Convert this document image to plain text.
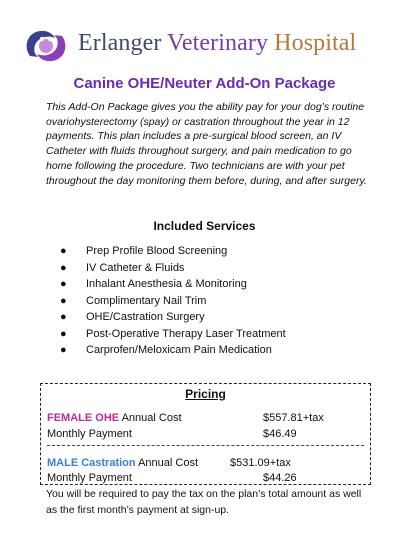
Erlanger Veterinary Hospital
Canine OHE/Neuter Add-On Package
This Add-On Package gives you the ability pay for your dog’s routine ovariohysterectomy (spay) or castration throughout the year in 12 payments. This plan includes a pre-surgical blood screen, an IV Catheter with fluids throughout surgery, and pain medication to go home following the procedure. Two technicians are with your pet throughout the day monitoring them before, during, and after surgery.
Included Services
● Prep Profile Blood Screening
● IV Catheter & Fluids
● Inhalant Anesthesia & Monitoring
● Complimentary Nail Trim
● OHE/Castration Surgery
● Post-Operative Therapy Laser Treatment
● Carprofen/Meloxicam Pain Medication
Pricing
FEMALE OHE Annual Cost	$557.81+tax
Monthly Payment	$46.49
MALE Castration Annual Cost	$531.09+tax
Monthly Payment	$44.26
You will be required to pay the tax on the plan’s total amount as well as the first month’s payment at sign-up.
